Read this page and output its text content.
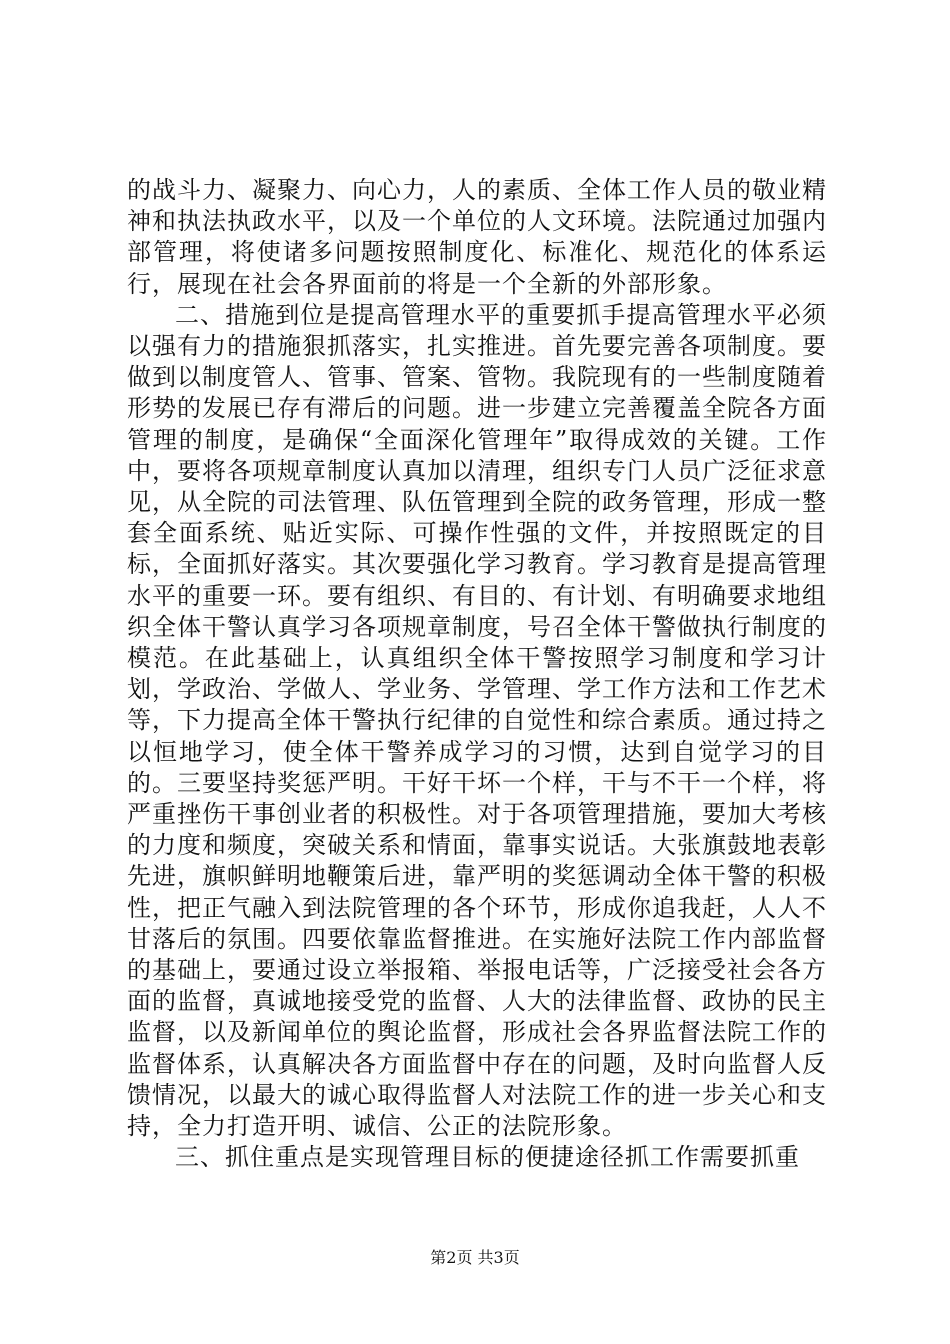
的战斗力、凝聚力、向心力，人的素质、全体工作人员的敬业精神和执法执政水平，以及一个单位的人文环境。法院通过加强内部管理，将使诸多问题按照制度化、标准化、规范化的体系运行，展现在社会各界面前的将是一个全新的外部形象。

二、措施到位是提高管理水平的重要抓手提高管理水平必须以强有力的措施狠抓落实，扎实推进。首先要完善各项制度。要做到以制度管人、管事、管案、管物。我院现有的一些制度随着形势的发展已存有滞后的问题。进一步建立完善覆盖全院各方面管理的制度，是确保“全面深化管理年”取得成效的关键。工作中，要将各项规章制度认真加以清理，组织专门人员广泛征求意见，从全院的司法管理、队伍管理到全院的政务管理，形成一整套全面系统、贴近实际、可操作性强的文件，并按照既定的目标，全面抓好落实。其次要强化学习教育。学习教育是提高管理水平的重要一环。要有组织、有目的、有计划、有明确要求地组织全体干警认真学习各项规章制度，号召全体干警做执行制度的模范。在此基础上，认真组织全体干警按照学习制度和学习计划，学政治、学做人、学业务、学管理、学工作方法和工作艺术等，下力提高全体干警执行纪律的自觉性和综合素质。通过持之以恒地学习，使全体干警养成学习的习惯，达到自觉学习的目的。三要坚持奖惩严明。干好干坏一个样，干与不干一个样，将严重挫伤干事创业者的积极性。对于各项管理措施，要加大考核的力度和频度，突破关系和情面，靠事实说话。大张旗鼓地表彰先进，旗帜鲜明地鞭策后进，靠严明的奖惩调动全体干警的积极性，把正气融入到法院管理的各个环节，形成你追我赶，人人不甘落后的氛围。四要依靠监督推进。在实施好法院工作内部监督的基础上，要通过设立举报箱、举报电话等，广泛接受社会各方面的监督，真诚地接受党的监督、人大的法律监督、政协的民主监督，以及新闻单位的舆论监督，形成社会各界监督法院工作的监督体系，认真解决各方面监督中存在的问题，及时向监督人反馈情况，以最大的诚心取得监督人对法院工作的进一步关心和支持，全力打造开明、诚信、公正的法院形象。

三、抓住重点是实现管理目标的便捷途径抓工作需要抓重

第2页 共3页
